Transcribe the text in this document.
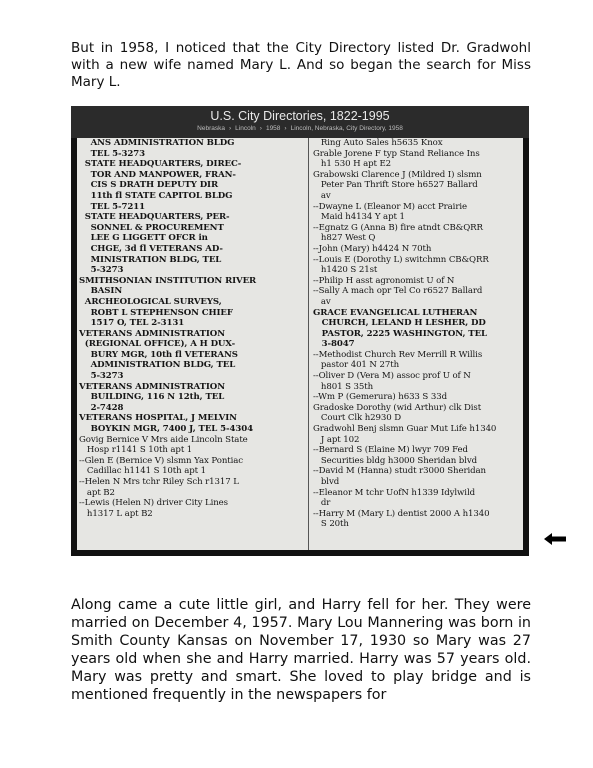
But in 1958, I noticed that the City Directory listed Dr. Gradwohl with a new wife named Mary L. And so began the search for Miss Mary L.
U.S. City Directories, 1822-1995
Nebraska › Lincoln › 1958 › Lincoln, Nebraska, City Directory, 1958
ANS ADMINISTRATION BLDG
TEL 5-3273
STATE HEADQUARTERS, DIREC-
TOR AND MANPOWER, FRAN-
CIS S DRATH DEPUTY DIR
11th fl STATE CAPITOL BLDG
TEL 5-7211
STATE HEADQUARTERS, PER-
SONNEL & PROCUREMENT
LEE G LIGGETT OFCR in
CHGE, 3d fl VETERANS AD-
MINISTRATION BLDG, TEL
5-3273
SMITHSONIAN INSTITUTION RIVER
BASIN
ARCHEOLOGICAL SURVEYS,
ROBT L STEPHENSON CHIEF
1517 O, TEL 2-3131
VETERANS ADMINISTRATION
(REGIONAL OFFICE), A H DUX-
BURY MGR, 10th fl VETERANS
ADMINISTRATION BLDG, TEL
5-3273
VETERANS ADMINISTRATION
BUILDING, 116 N 12th, TEL
2-7428
VETERANS HOSPITAL, J MELVIN
BOYKIN MGR, 7400 J, TEL 5-4304
Govig Bernice V Mrs aide Lincoln State
Hosp r1141 S 10th apt 1
--Glen E (Bernice V) slsmn Yax Pontiac
Cadillac h1141 S 10th apt 1
--Helen N Mrs tchr Riley Sch r1317 L
apt B2
--Lewis (Helen N) driver City Lines
h1317 L apt B2
Ring Auto Sales h5635 Knox
Grable Jorene F typ Stand Reliance Ins
h1 530 H apt E2
Grabowski Clarence J (Mildred I) slsmn
Peter Pan Thrift Store h6527 Ballard
av
--Dwayne L (Eleanor M) acct Prairie
Maid h4134 Y apt 1
--Egnatz G (Anna B) fire atndt CB&QRR
h827 West Q
--John (Mary) h4424 N 70th
--Louis E (Dorothy L) switchmn CB&QRR
h1420 S 21st
--Philip H asst agronomist U of N
--Sally A mach opr Tel Co r6527 Ballard
av
GRACE EVANGELICAL LUTHERAN
CHURCH, LELAND H LESHER, DD
PASTOR, 2225 WASHINGTON, TEL
3-8047
--Methodist Church Rev Merrill R Willis
pastor 401 N 27th
--Oliver D (Vera M) assoc prof U of N
h801 S 35th
--Wm P (Gemerura) h633 S 33d
Gradoske Dorothy (wid Arthur) clk Dist
Court Clk h2930 D
Gradwohl Benj slsmn Guar Mut Life h1340
J apt 102
--Bernard S (Elaine M) lwyr 709 Fed
Securities bldg h3000 Sheridan blvd
--David M (Hanna) studt r3000 Sheridan
blvd
--Eleanor M tchr UofN h1339 Idylwild
dr
--Harry M (Mary L) dentist 2000 A h1340
S 20th
Along came a cute little girl, and Harry fell for her. They were married on December 4, 1957. Mary Lou Mannering was born in Smith County Kansas on November 17, 1930 so Mary was 27 years old when she and Harry married. Harry was 57 years old. Mary was pretty and smart. She loved to play bridge and is mentioned frequently in the newspapers for
